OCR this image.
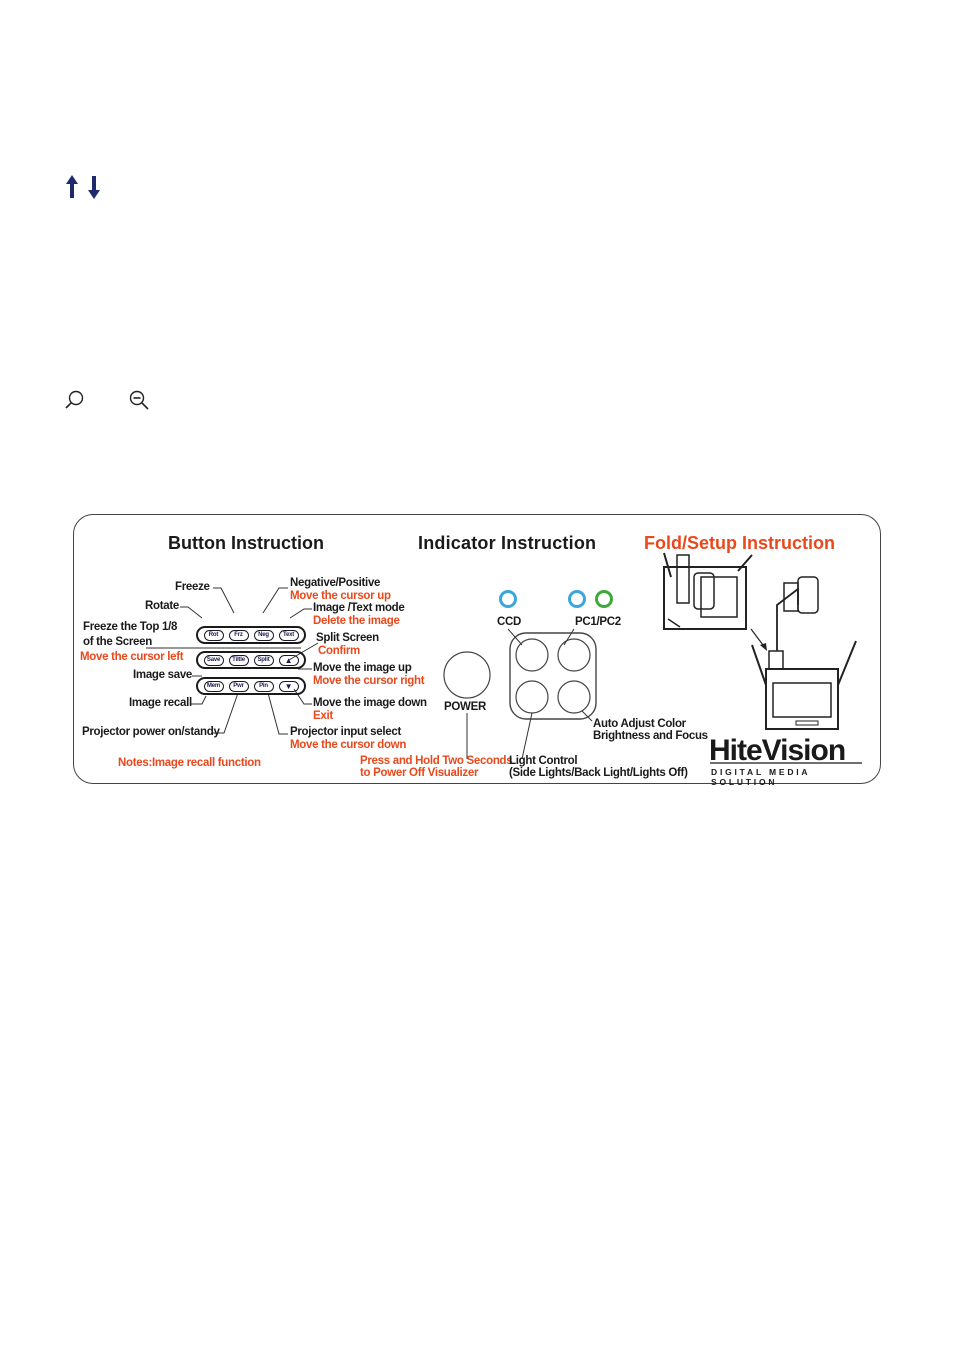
Button Instruction	Indicator Instruction	Fold/Setup Instruction
Rot	Frz	Neg	Text
Save	Tiltle	Split	▲
Mem	Pwr	Pin	▼
Freeze
Rotate
Freeze the Top 1/8
of the Screen
Move the cursor left
Image save
Image recall
Projector power on/standy
Notes:Image recall function
Negative/Positive
Move the cursor up
Image /Text mode
Delete the image
Split Screen
Confirm
Move the image up
Move the cursor right
Move the image down
Exit
Projector input select
Move the cursor down
CCD	PC1/PC2
POWER
Press and Hold Two Seconds
to Power Off Visualizer
Light Control
(Side Lights/Back Light/Lights Off)
Auto Adjust Color
Brightness and Focus HiteVision
DIGITAL MEDIA SOLUTION
